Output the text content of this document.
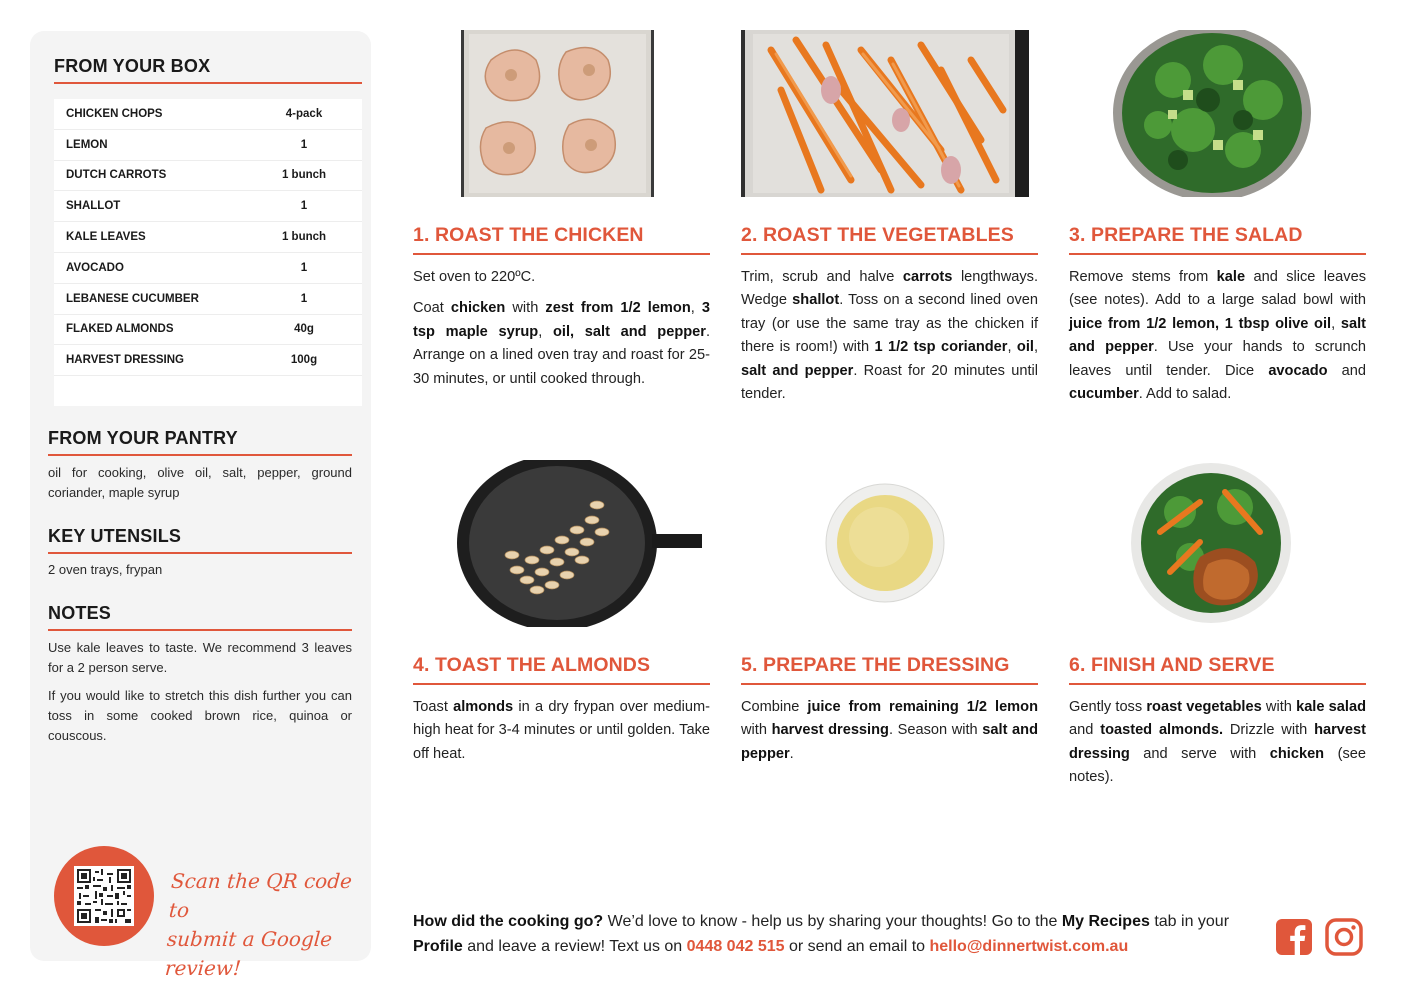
FROM YOUR BOX
CHICKEN CHOPS	4-pack
LEMON	1
DUTCH CARROTS	1 bunch
SHALLOT	1
KALE LEAVES	1 bunch
AVOCADO	1
LEBANESE CUCUMBER	1
FLAKED ALMONDS	40g
HARVEST DRESSING	100g
FROM YOUR PANTRY
oil for cooking, olive oil, salt, pepper, ground coriander, maple syrup
KEY UTENSILS
2 oven trays, frypan
NOTES
Use kale leaves to taste. We recommend 3 leaves for a 2 person serve.
If you would like to stretch this dish further you can toss in some cooked brown rice, quinoa or couscous.
Scan the QR code to
submit a Google review!
1. ROAST THE CHICKEN

Set oven to 220ºC.

Coat chicken with zest from 1/2 lemon, 3 tsp maple syrup, oil, salt and pepper. Arrange on a lined oven tray and roast for 25-30 minutes, or until cooked through.

2. ROAST THE VEGETABLES

Trim, scrub and halve carrots lengthways. Wedge shallot. Toss on a second lined oven tray (or use the same tray as the chicken if there is room!) with 1 1/2 tsp coriander, oil, salt and pepper. Roast for 20 minutes until tender.

3. PREPARE THE SALAD

Remove stems from kale and slice leaves (see notes). Add to a large salad bowl with juice from 1/2 lemon, 1 tbsp olive oil, salt and pepper. Use your hands to scrunch leaves until tender. Dice avocado and cucumber. Add to salad.

4. TOAST THE ALMONDS

Toast almonds in a dry frypan over medium-high heat for 3-4 minutes or until golden. Take off heat.

5. PREPARE THE DRESSING

Combine juice from remaining 1/2 lemon with harvest dressing. Season with salt and pepper.

6. FINISH AND SERVE

Gently toss roast vegetables with kale salad and toasted almonds. Drizzle with harvest dressing and serve with chicken (see notes).

How did the cooking go? We’d love to know - help us by sharing your thoughts! Go to the My Recipes tab in your Profile and leave a review! Text us on 0448 042 515 or send an email to hello@dinnertwist.com.au
